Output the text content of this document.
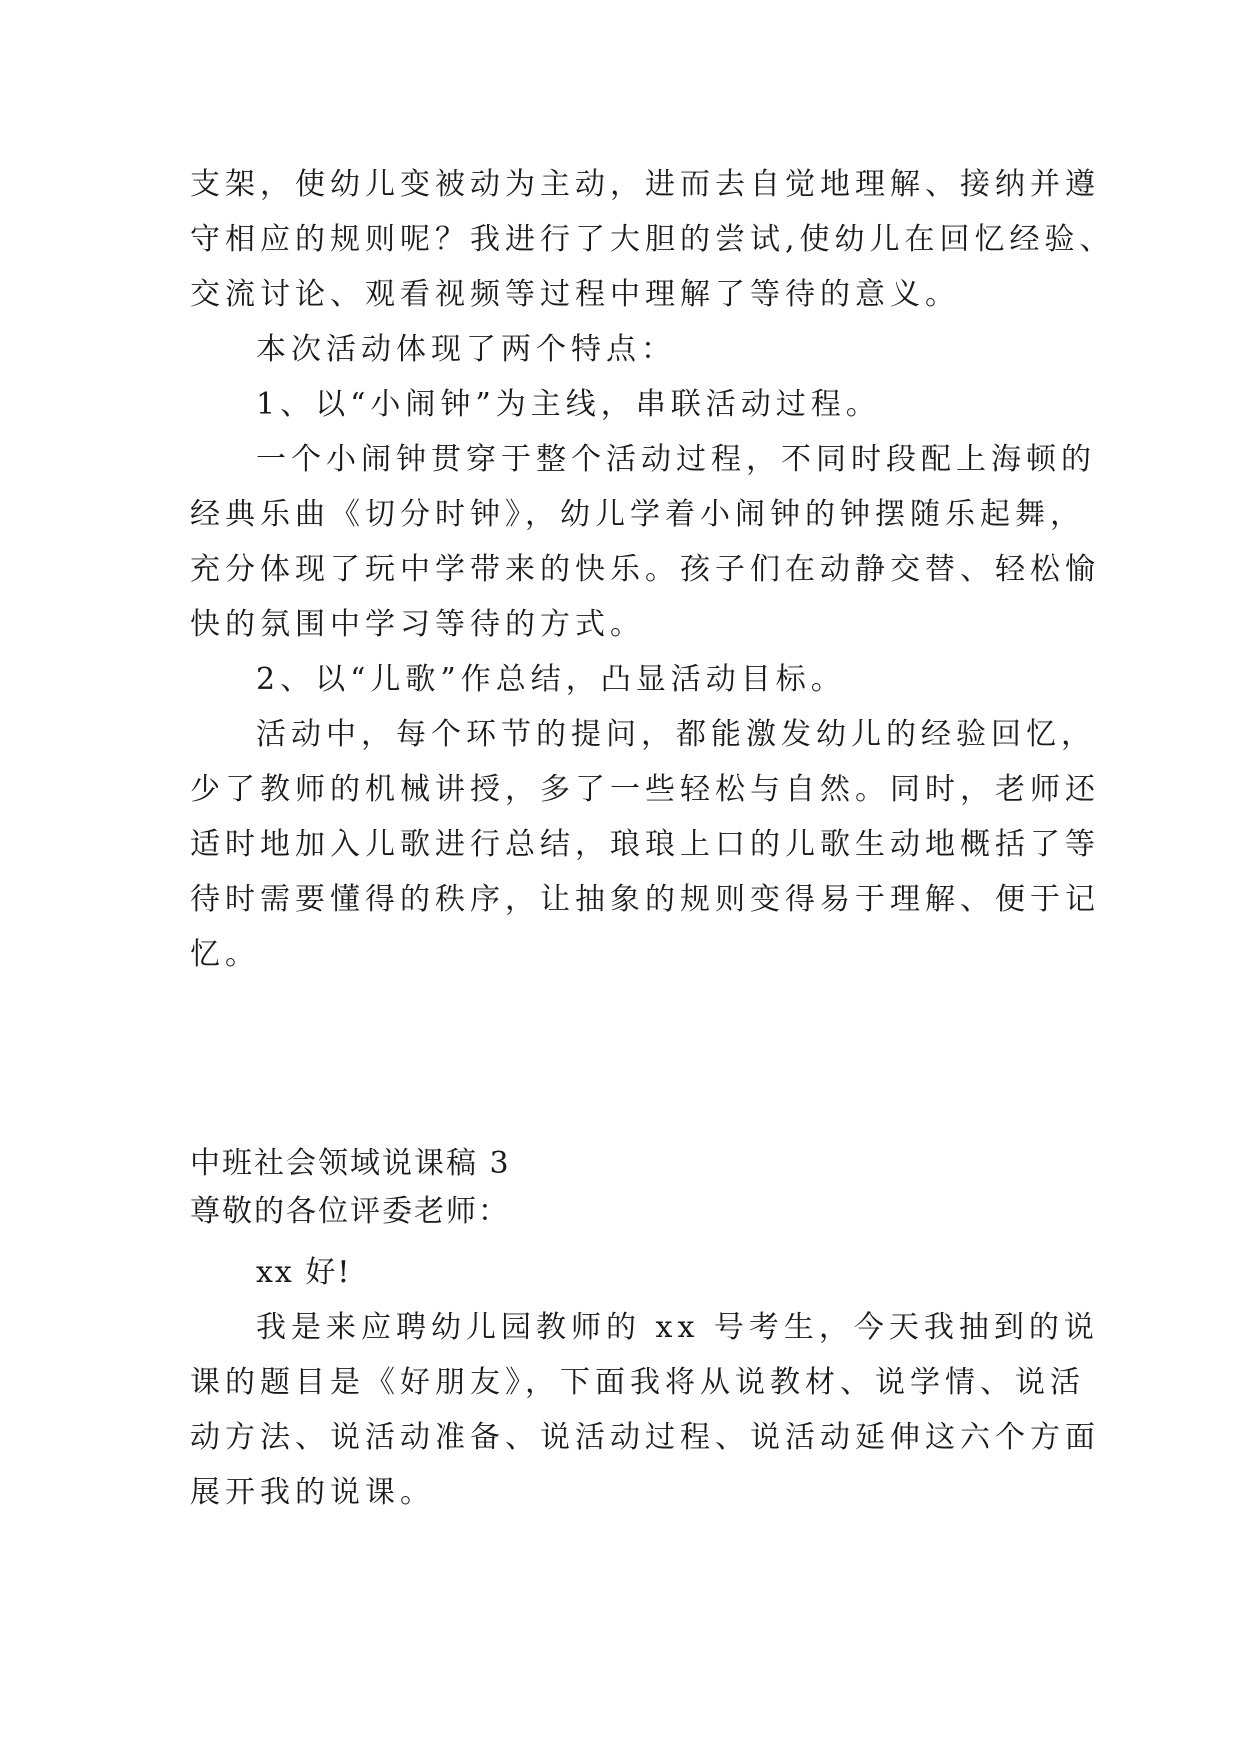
支架，使幼儿变被动为主动，进而去自觉地理解、接纳并遵
守相应的规则呢？我进行了大胆的尝试,使幼儿在回忆经验、
交流讨论、观看视频等过程中理解了等待的意义。
本次活动体现了两个特点：
1、以“小闹钟”为主线，串联活动过程。
一个小闹钟贯穿于整个活动过程，不同时段配上海顿的
经典乐曲《切分时钟》，幼儿学着小闹钟的钟摆随乐起舞，
充分体现了玩中学带来的快乐。孩子们在动静交替、轻松愉
快的氛围中学习等待的方式。
2、以“儿歌”作总结，凸显活动目标。
活动中，每个环节的提问，都能激发幼儿的经验回忆，
少了教师的机械讲授，多了一些轻松与自然。同时，老师还
适时地加入儿歌进行总结，琅琅上口的儿歌生动地概括了等
待时需要懂得的秩序，让抽象的规则变得易于理解、便于记
忆。
中班社会领域说课稿 3
尊敬的各位评委老师：
xx 好!
我是来应聘幼儿园教师的 xx 号考生，今天我抽到的说
课的题目是《好朋友》，下面我将从说教材、说学情、说活
动方法、说活动准备、说活动过程、说活动延伸这六个方面
展开我的说课。
